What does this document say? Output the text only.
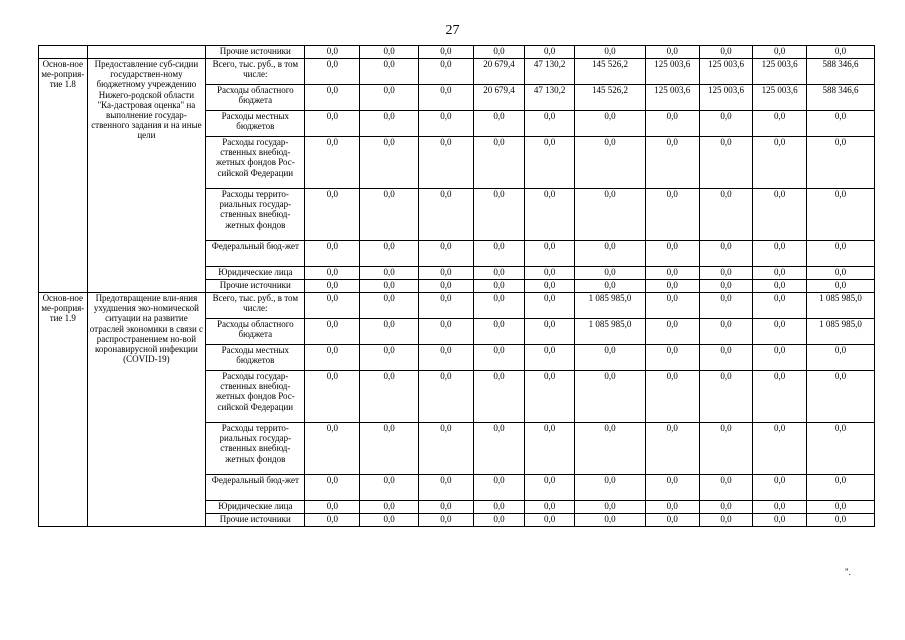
27
		Прочие источники	0,0	0,0	0,0	0,0	0,0	0,0	0,0	0,0	0,0	0,0
Основ-ное ме-роприя-тие 1.8	Предоставление суб-сидии государствен-ному бюджетному учреждению Нижего-родской области "Ка-дастровая оценка" на выполнение государ-ственного задания и на иные цели	Всего, тыс. руб., в том числе:	0,0	0,0	0,0	20 679,4	47 130,2	145 526,2	125 003,6	125 003,6	125 003,6	588 346,6
		Расходы областного бюджета	0,0	0,0	0,0	20 679,4	47 130,2	145 526,2	125 003,6	125 003,6	125 003,6	588 346,6
		Расходы местных бюджетов	0,0	0,0	0,0	0,0	0,0	0,0	0,0	0,0	0,0	0,0
		Расходы государ-ственных внебюд-жетных фондов Рос-сийской Федерации	0,0	0,0	0,0	0,0	0,0	0,0	0,0	0,0	0,0	0,0
		Расходы террито-риальных государ-ственных внебюд-жетных фондов	0,0	0,0	0,0	0,0	0,0	0,0	0,0	0,0	0,0	0,0
		Федеральный бюд-жет	0,0	0,0	0,0	0,0	0,0	0,0	0,0	0,0	0,0	0,0
		Юридические лица	0,0	0,0	0,0	0,0	0,0	0,0	0,0	0,0	0,0	0,0
		Прочие источники	0,0	0,0	0,0	0,0	0,0	0,0	0,0	0,0	0,0	0,0
Основ-ное ме-роприя-тие 1.9	Предотвращение вли-яния ухудшения эко-номической ситуации на развитие отраслей экономики в связи с распространением но-вой коронавирусной инфекции (COVID-19)	Всего, тыс. руб., в том числе:	0,0	0,0	0,0	0,0	0,0	1 085 985,0	0,0	0,0	0,0	1 085 985,0
		Расходы областного бюджета	0,0	0,0	0,0	0,0	0,0	1 085 985,0	0,0	0,0	0,0	1 085 985,0
		Расходы местных бюджетов	0,0	0,0	0,0	0,0	0,0	0,0	0,0	0,0	0,0	0,0
		Расходы государ-ственных внебюд-жетных фондов Рос-сийской Федерации	0,0	0,0	0,0	0,0	0,0	0,0	0,0	0,0	0,0	0,0
		Расходы террито-риальных государ-ственных внебюд-жетных фондов	0,0	0,0	0,0	0,0	0,0	0,0	0,0	0,0	0,0	0,0
		Федеральный бюд-жет	0,0	0,0	0,0	0,0	0,0	0,0	0,0	0,0	0,0	0,0
		Юридические лица	0,0	0,0	0,0	0,0	0,0	0,0	0,0	0,0	0,0	0,0
		Прочие источники	0,0	0,0	0,0	0,0	0,0	0,0	0,0	0,0	0,0	0,0
".
